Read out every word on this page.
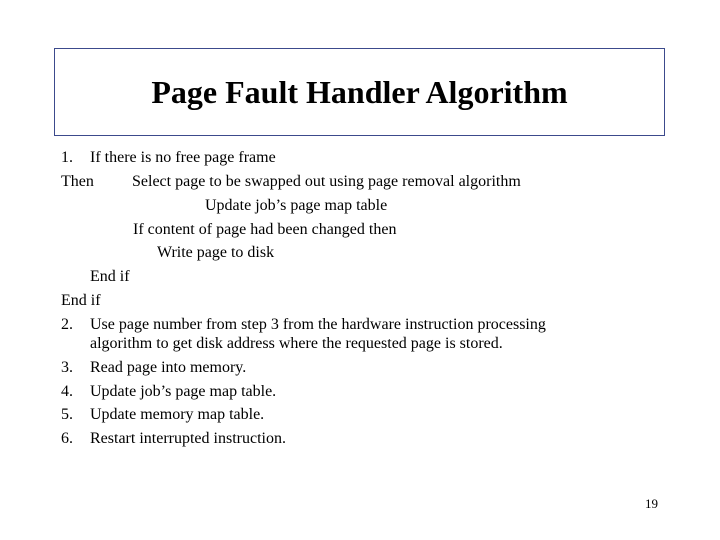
Page Fault Handler Algorithm
1. If there is no free page frame
Then Select page to be swapped out using page removal algorithm
Update job’s page map table
If content of page had been changed then
Write page to disk
End if
End if
2. Use page number from step 3 from the hardware instruction processing
algorithm to get disk address where the requested page is stored.
3. Read page into memory.
4. Update job’s page map table.
5. Update memory map table.
6. Restart interrupted instruction.
19
